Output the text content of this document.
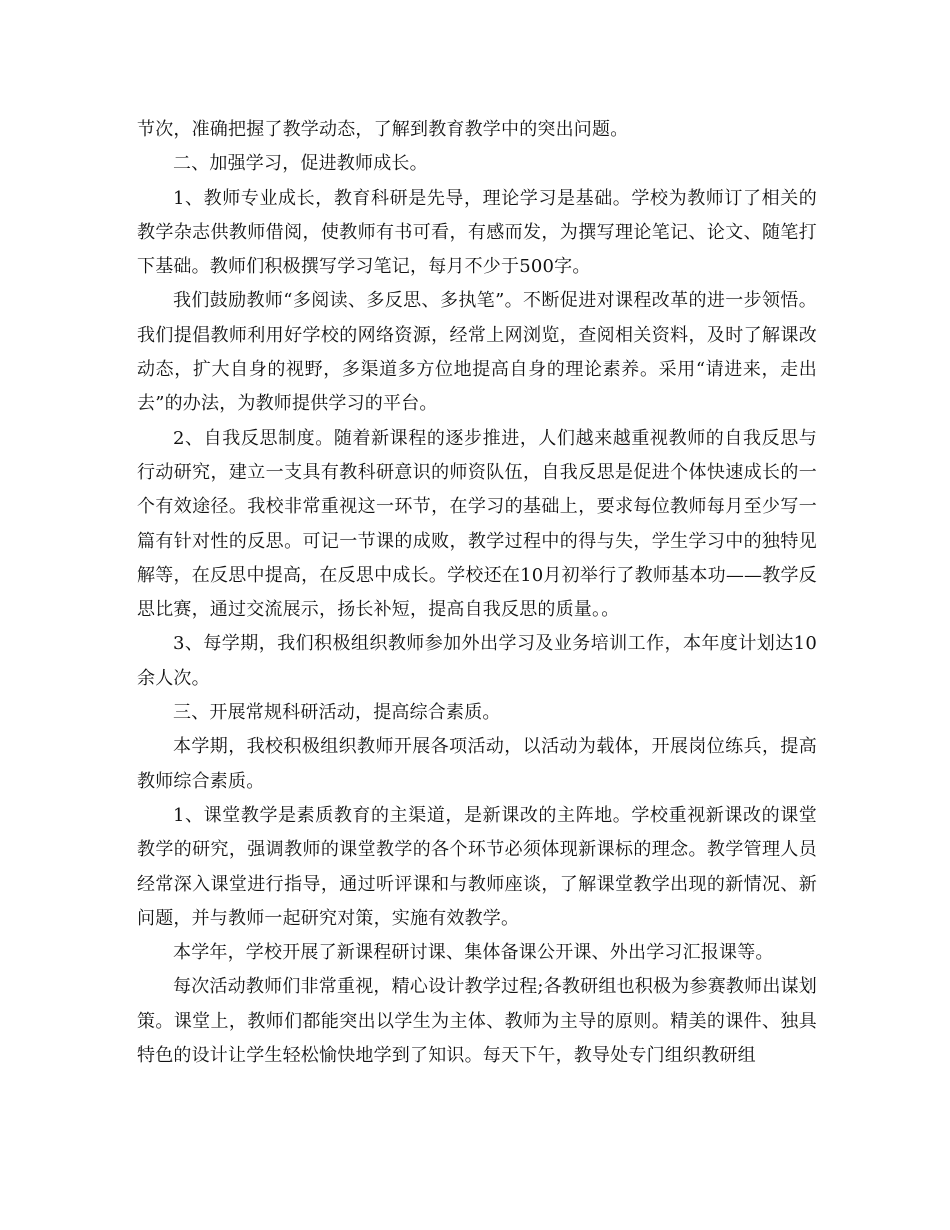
节次，准确把握了教学动态，了解到教育教学中的突出问题。

二、加强学习，促进教师成长。

1、教师专业成长，教育科研是先导，理论学习是基础。学校为教师订了相关的教学杂志供教师借阅，使教师有书可看，有感而发，为撰写理论笔记、论文、随笔打下基础。教师们积极撰写学习笔记，每月不少于500字。

我们鼓励教师“多阅读、多反思、多执笔”。不断促进对课程改革的进一步领悟。我们提倡教师利用好学校的网络资源，经常上网浏览，查阅相关资料，及时了解课改动态，扩大自身的视野，多渠道多方位地提高自身的理论素养。采用“请进来，走出去”的办法，为教师提供学习的平台。

2、自我反思制度。随着新课程的逐步推进，人们越来越重视教师的自我反思与行动研究，建立一支具有教科研意识的师资队伍，自我反思是促进个体快速成长的一个有效途径。我校非常重视这一环节，在学习的基础上，要求每位教师每月至少写一篇有针对性的反思。可记一节课的成败，教学过程中的得与失，学生学习中的独特见解等，在反思中提高，在反思中成长。学校还在10月初举行了教师基本功——教学反思比赛，通过交流展示，扬长补短，提高自我反思的质量。。

3、每学期，我们积极组织教师参加外出学习及业务培训工作，本年度计划达10余人次。

三、开展常规科研活动，提高综合素质。

本学期，我校积极组织教师开展各项活动，以活动为载体，开展岗位练兵，提高教师综合素质。

1、课堂教学是素质教育的主渠道，是新课改的主阵地。学校重视新课改的课堂教学的研究，强调教师的课堂教学的各个环节必须体现新课标的理念。教学管理人员经常深入课堂进行指导，通过听评课和与教师座谈，了解课堂教学出现的新情况、新问题，并与教师一起研究对策，实施有效教学。

本学年，学校开展了新课程研讨课、集体备课公开课、外出学习汇报课等。

每次活动教师们非常重视，精心设计教学过程;各教研组也积极为参赛教师出谋划策。课堂上，教师们都能突出以学生为主体、教师为主导的原则。精美的课件、独具特色的设计让学生轻松愉快地学到了知识。每天下午，教导处专门组织教研组
